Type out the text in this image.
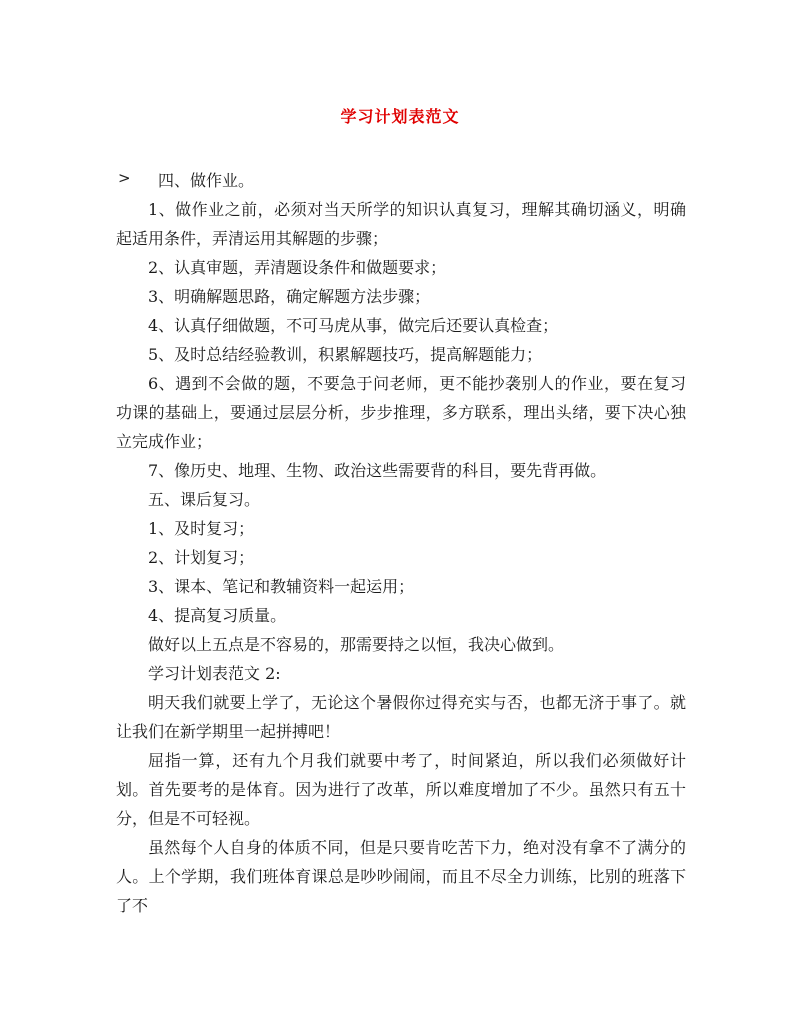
学习计划表范文
>	四、做作业。

1、做作业之前，必须对当天所学的知识认真复习，理解其确切涵义，明确起适用条件，弄清运用其解题的步骤；

2、认真审题，弄清题设条件和做题要求；

3、明确解题思路，确定解题方法步骤；

4、认真仔细做题，不可马虎从事，做完后还要认真检查；

5、及时总结经验教训，积累解题技巧，提高解题能力；

6、遇到不会做的题，不要急于问老师，更不能抄袭别人的作业，要在复习功课的基础上，要通过层层分析，步步推理，多方联系，理出头绪，要下决心独立完成作业；

7、像历史、地理、生物、政治这些需要背的科目，要先背再做。

五、课后复习。

1、及时复习；

2、计划复习；

3、课本、笔记和教辅资料一起运用；

4、提高复习质量。

做好以上五点是不容易的，那需要持之以恒，我决心做到。

学习计划表范文 2:

明天我们就要上学了，无论这个暑假你过得充实与否，也都无济于事了。就让我们在新学期里一起拼搏吧！

屈指一算，还有九个月我们就要中考了，时间紧迫，所以我们必须做好计划。首先要考的是体育。因为进行了改革，所以难度增加了不少。虽然只有五十分，但是不可轻视。

虽然每个人自身的体质不同，但是只要肯吃苦下力，绝对没有拿不了满分的人。上个学期，我们班体育课总是吵吵闹闹，而且不尽全力训练，比别的班落下了不
